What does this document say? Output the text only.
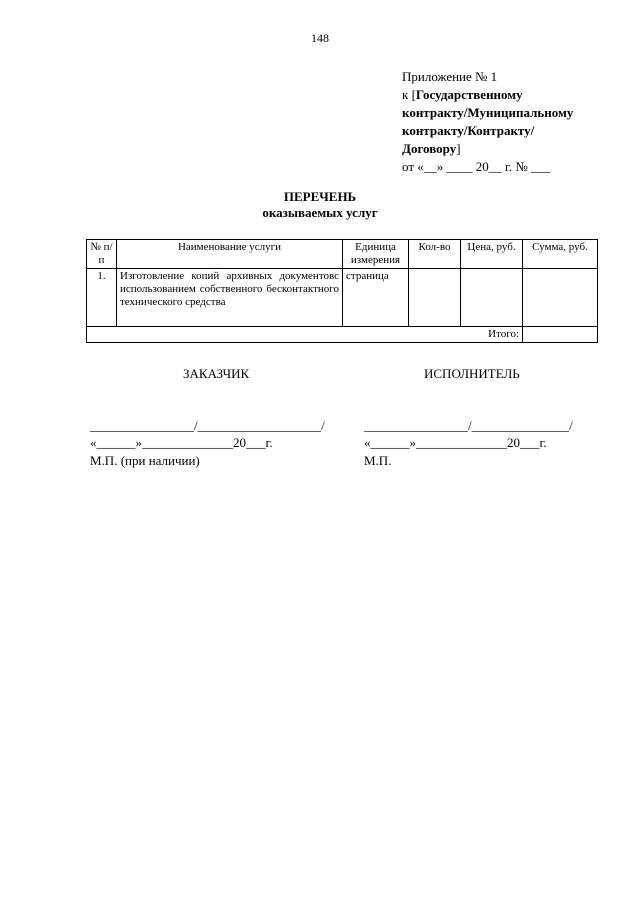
148
Приложение № 1
к [Государственному
контракту/Муниципальному
контракту/Контракту/
Договору]
от «__» ____ 20__ г. № ___
ПЕРЕЧЕНЬ
оказываемых услуг
№ п/п	Наименование услуги	Единица измерения	Кол-во	Цена, руб.	Сумма, руб.
1.	Изготовление копий архивных документовс использованием собственного бесконтактного технического средства	страница			
Итого:					
ЗАКАЗЧИК	ИСПОЛНИТЕЛЬ
________________/___________________/
«______»______________20___г.
М.П. (при наличии)
________________/_______________/
«______»______________20___г.
М.П.
